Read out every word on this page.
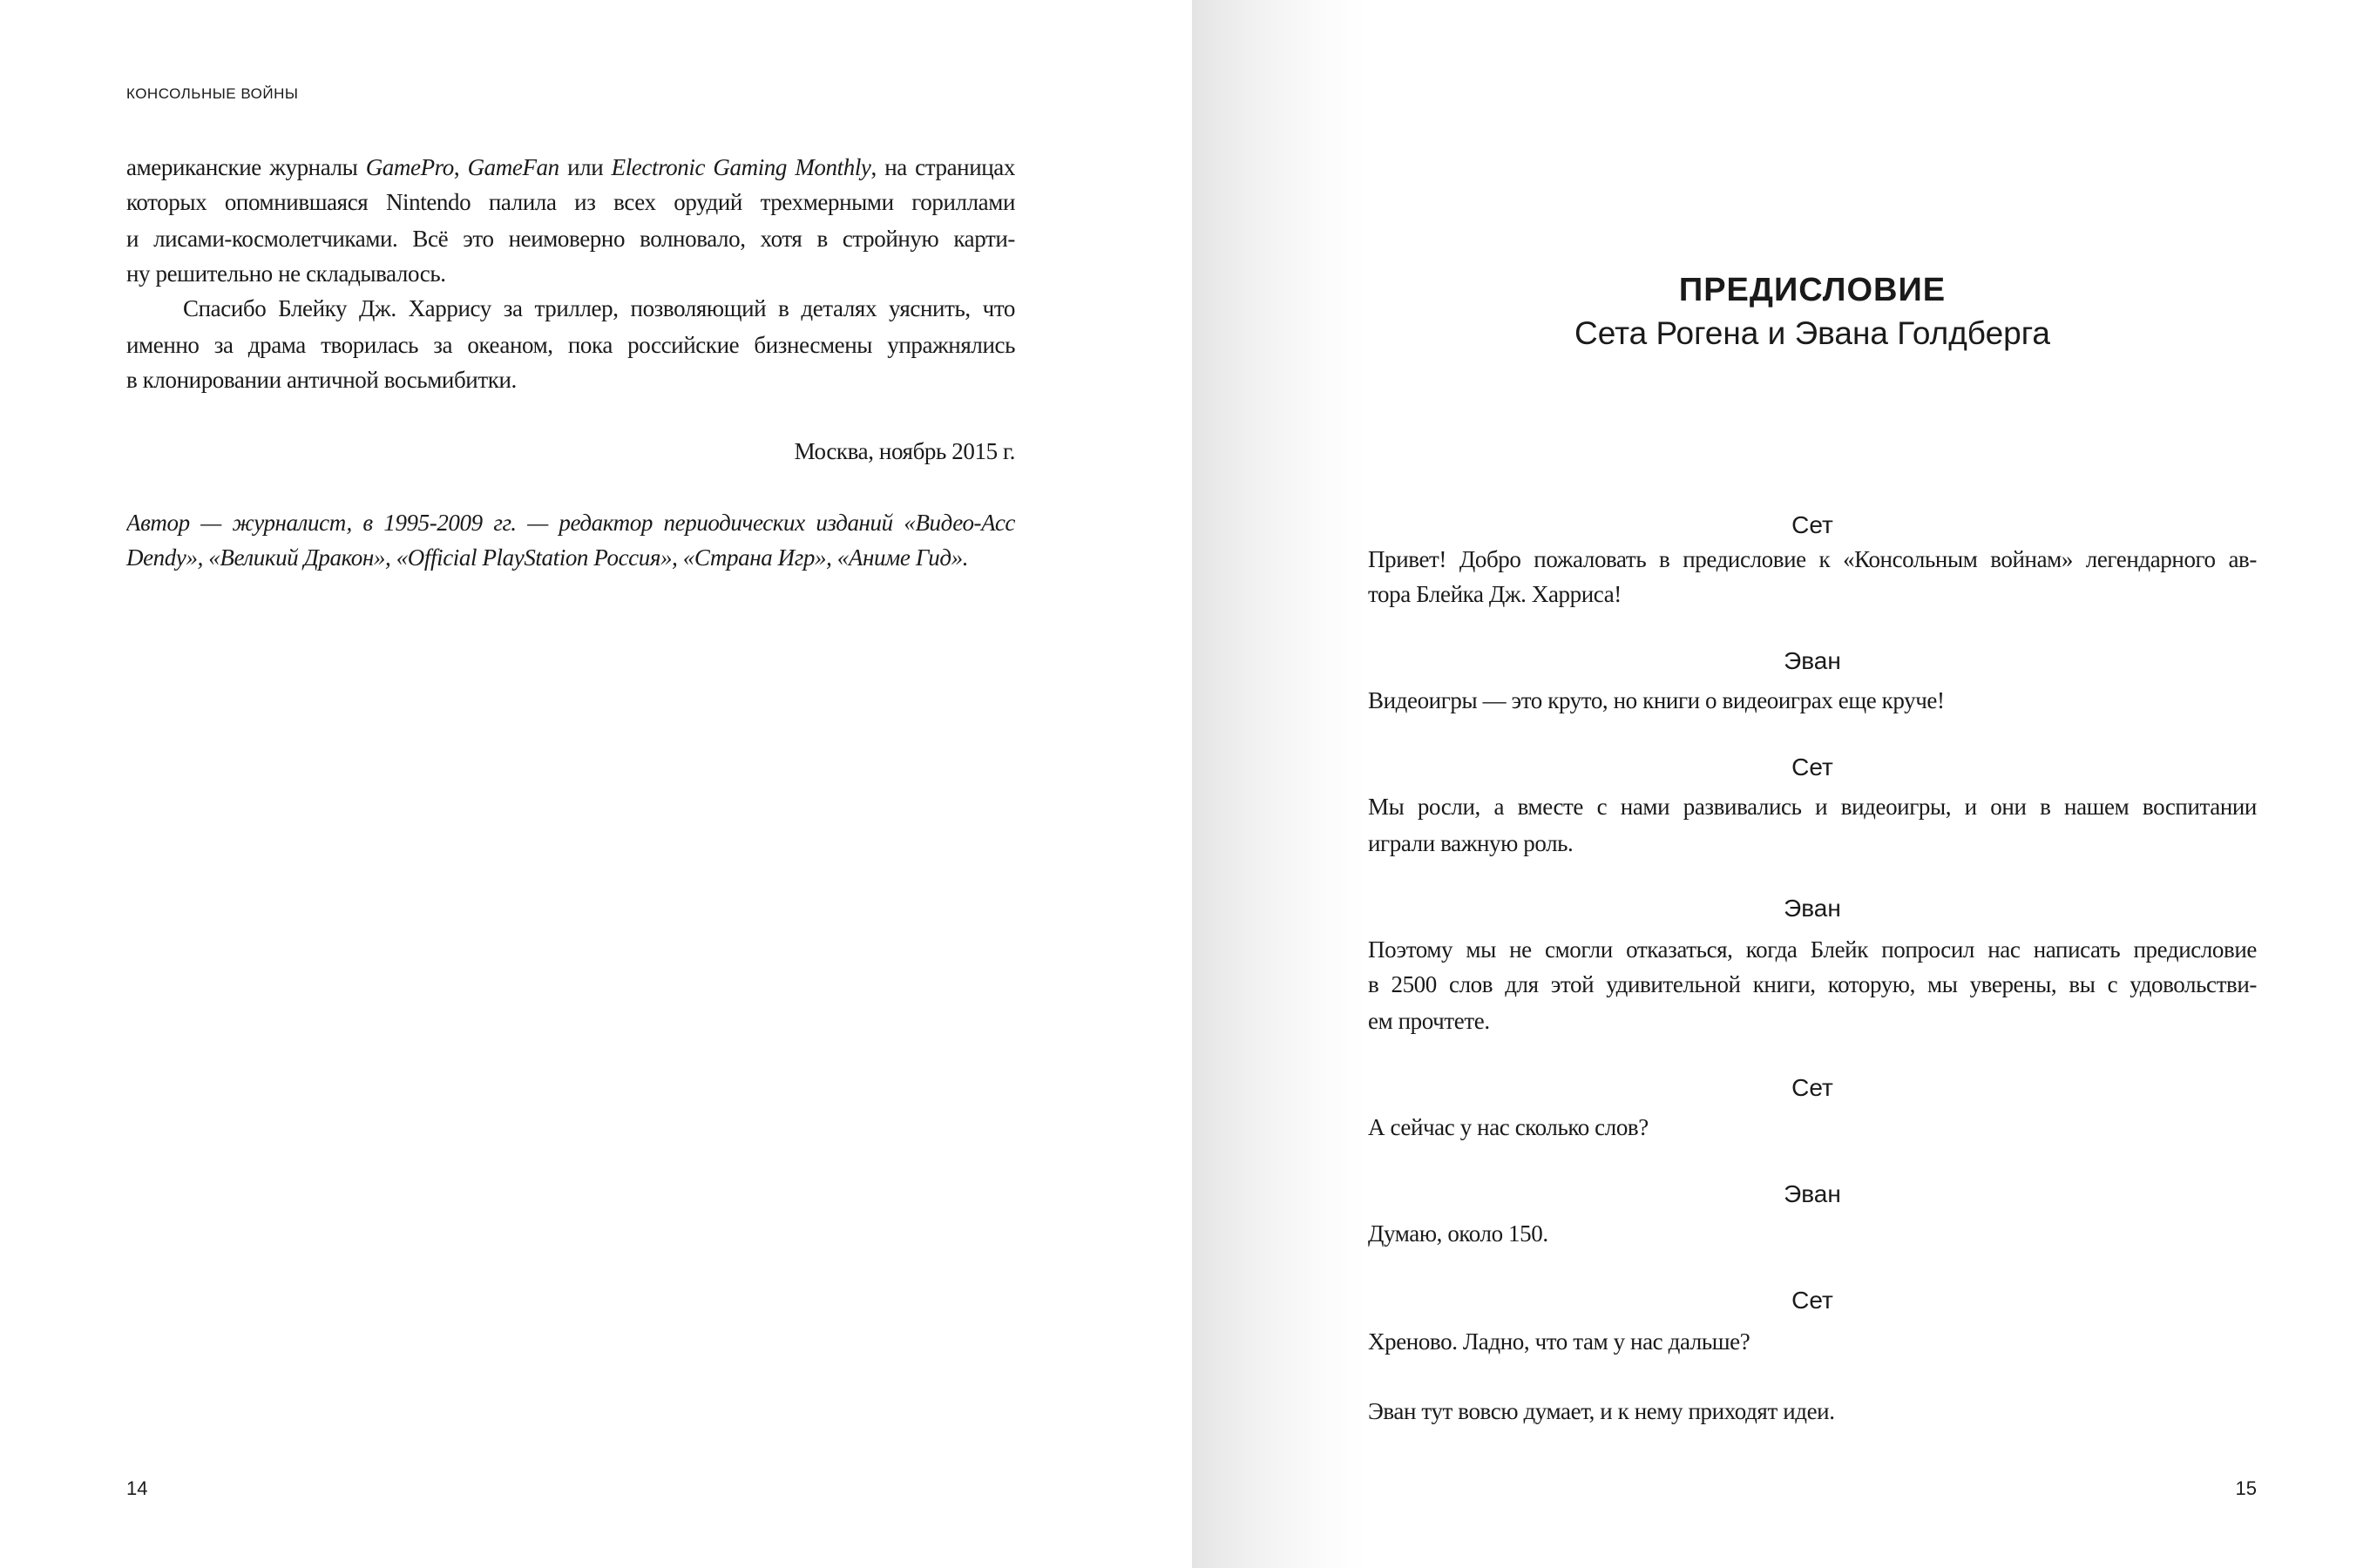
КОНСОЛЬНЫЕ ВОЙНЫ
американские журналы GamePro, GameFan или Electronic Gaming Monthly, на страницах
которых опомнившаяся Nintendo палила из всех орудий трехмерными гориллами
и лисами-космолетчиками. Всё это неимоверно волновало, хотя в стройную карти-
ну решительно не складывалось.
Спасибо Блейку Дж. Харрису за триллер, позволяющий в деталях уяснить, что
именно за драма творилась за океаном, пока российские бизнесмены упражнялись
в клонировании античной восьмибитки.
Москва, ноябрь 2015 г.
Автор — журналист, в 1995-2009 гг. — редактор периодических изданий «Видео-Асс
Dendy», «Великий Дракон», «Official PlayStation Россия», «Страна Игр», «Аниме Гид».
14
ПРЕДИСЛОВИЕ
Сета Рогена и Эвана Голдберга
Сет
Привет! Добро пожаловать в предисловие к «Консольным войнам» легендарного ав-
тора Блейка Дж. Харриса!
Эван
Видеоигры — это круто, но книги о видеоиграх еще круче!
Сет
Мы росли, а вместе с нами развивались и видеоигры, и они в нашем воспитании
играли важную роль.
Эван
Поэтому мы не смогли отказаться, когда Блейк попросил нас написать предисловие
в 2500 слов для этой удивительной книги, которую, мы уверены, вы с удовольстви-
ем прочтете.
Сет
А сейчас у нас сколько слов?
Эван
Думаю, около 150.
Сет
Хреново. Ладно, что там у нас дальше?
Эван тут вовсю думает, и к нему приходят идеи.
15
